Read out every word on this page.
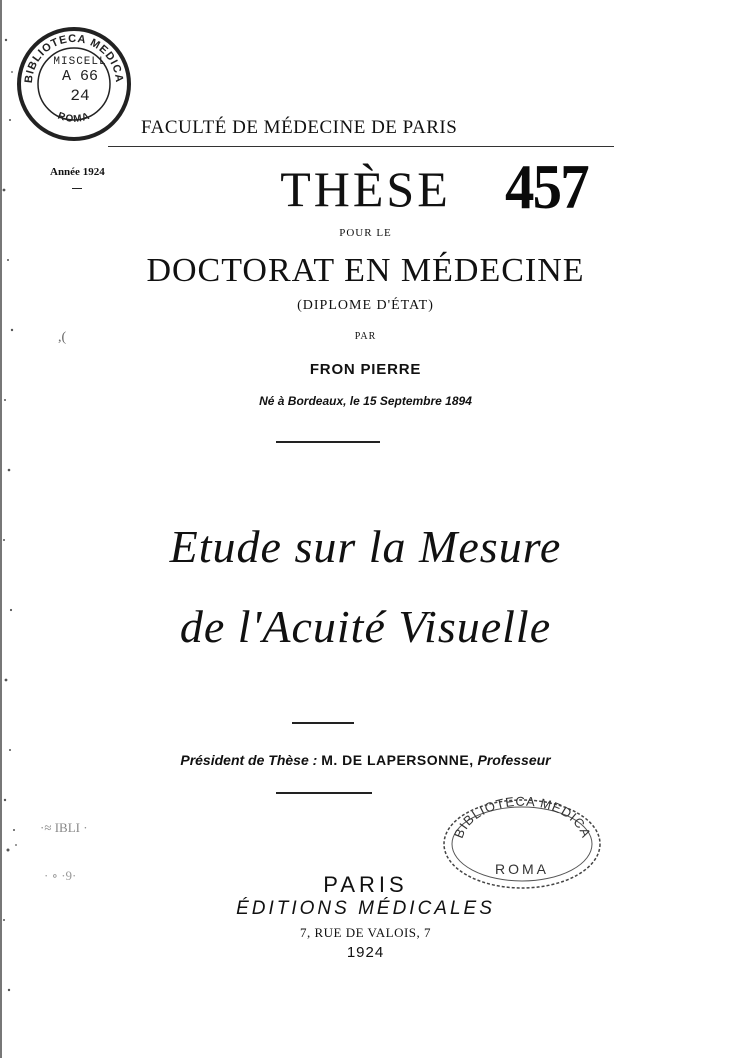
BIBLIOTECA MEDICA
ROMA
MISCELL
A 66
24
FACULTÉ DE MÉDECINE DE PARIS
Année 1924	THÈSE 457
POUR LE
DOCTORAT EN MÉDECINE
(DIPLOME D'ÉTAT)
,(	PAR
FRON PIERRE
Né à Bordeaux, le 15 Septembre 1894
Etude sur la Mesure
de l'Acuité Visuelle
Président de Thèse : M. DE LAPERSONNE, Professeur
·≈ IBLI ·
· ∘ ·9·
BIBLIOTECA MEDICA
ROMA
PARIS
ÉDITIONS MÉDICALES
7, RUE DE VALOIS, 7
1924
